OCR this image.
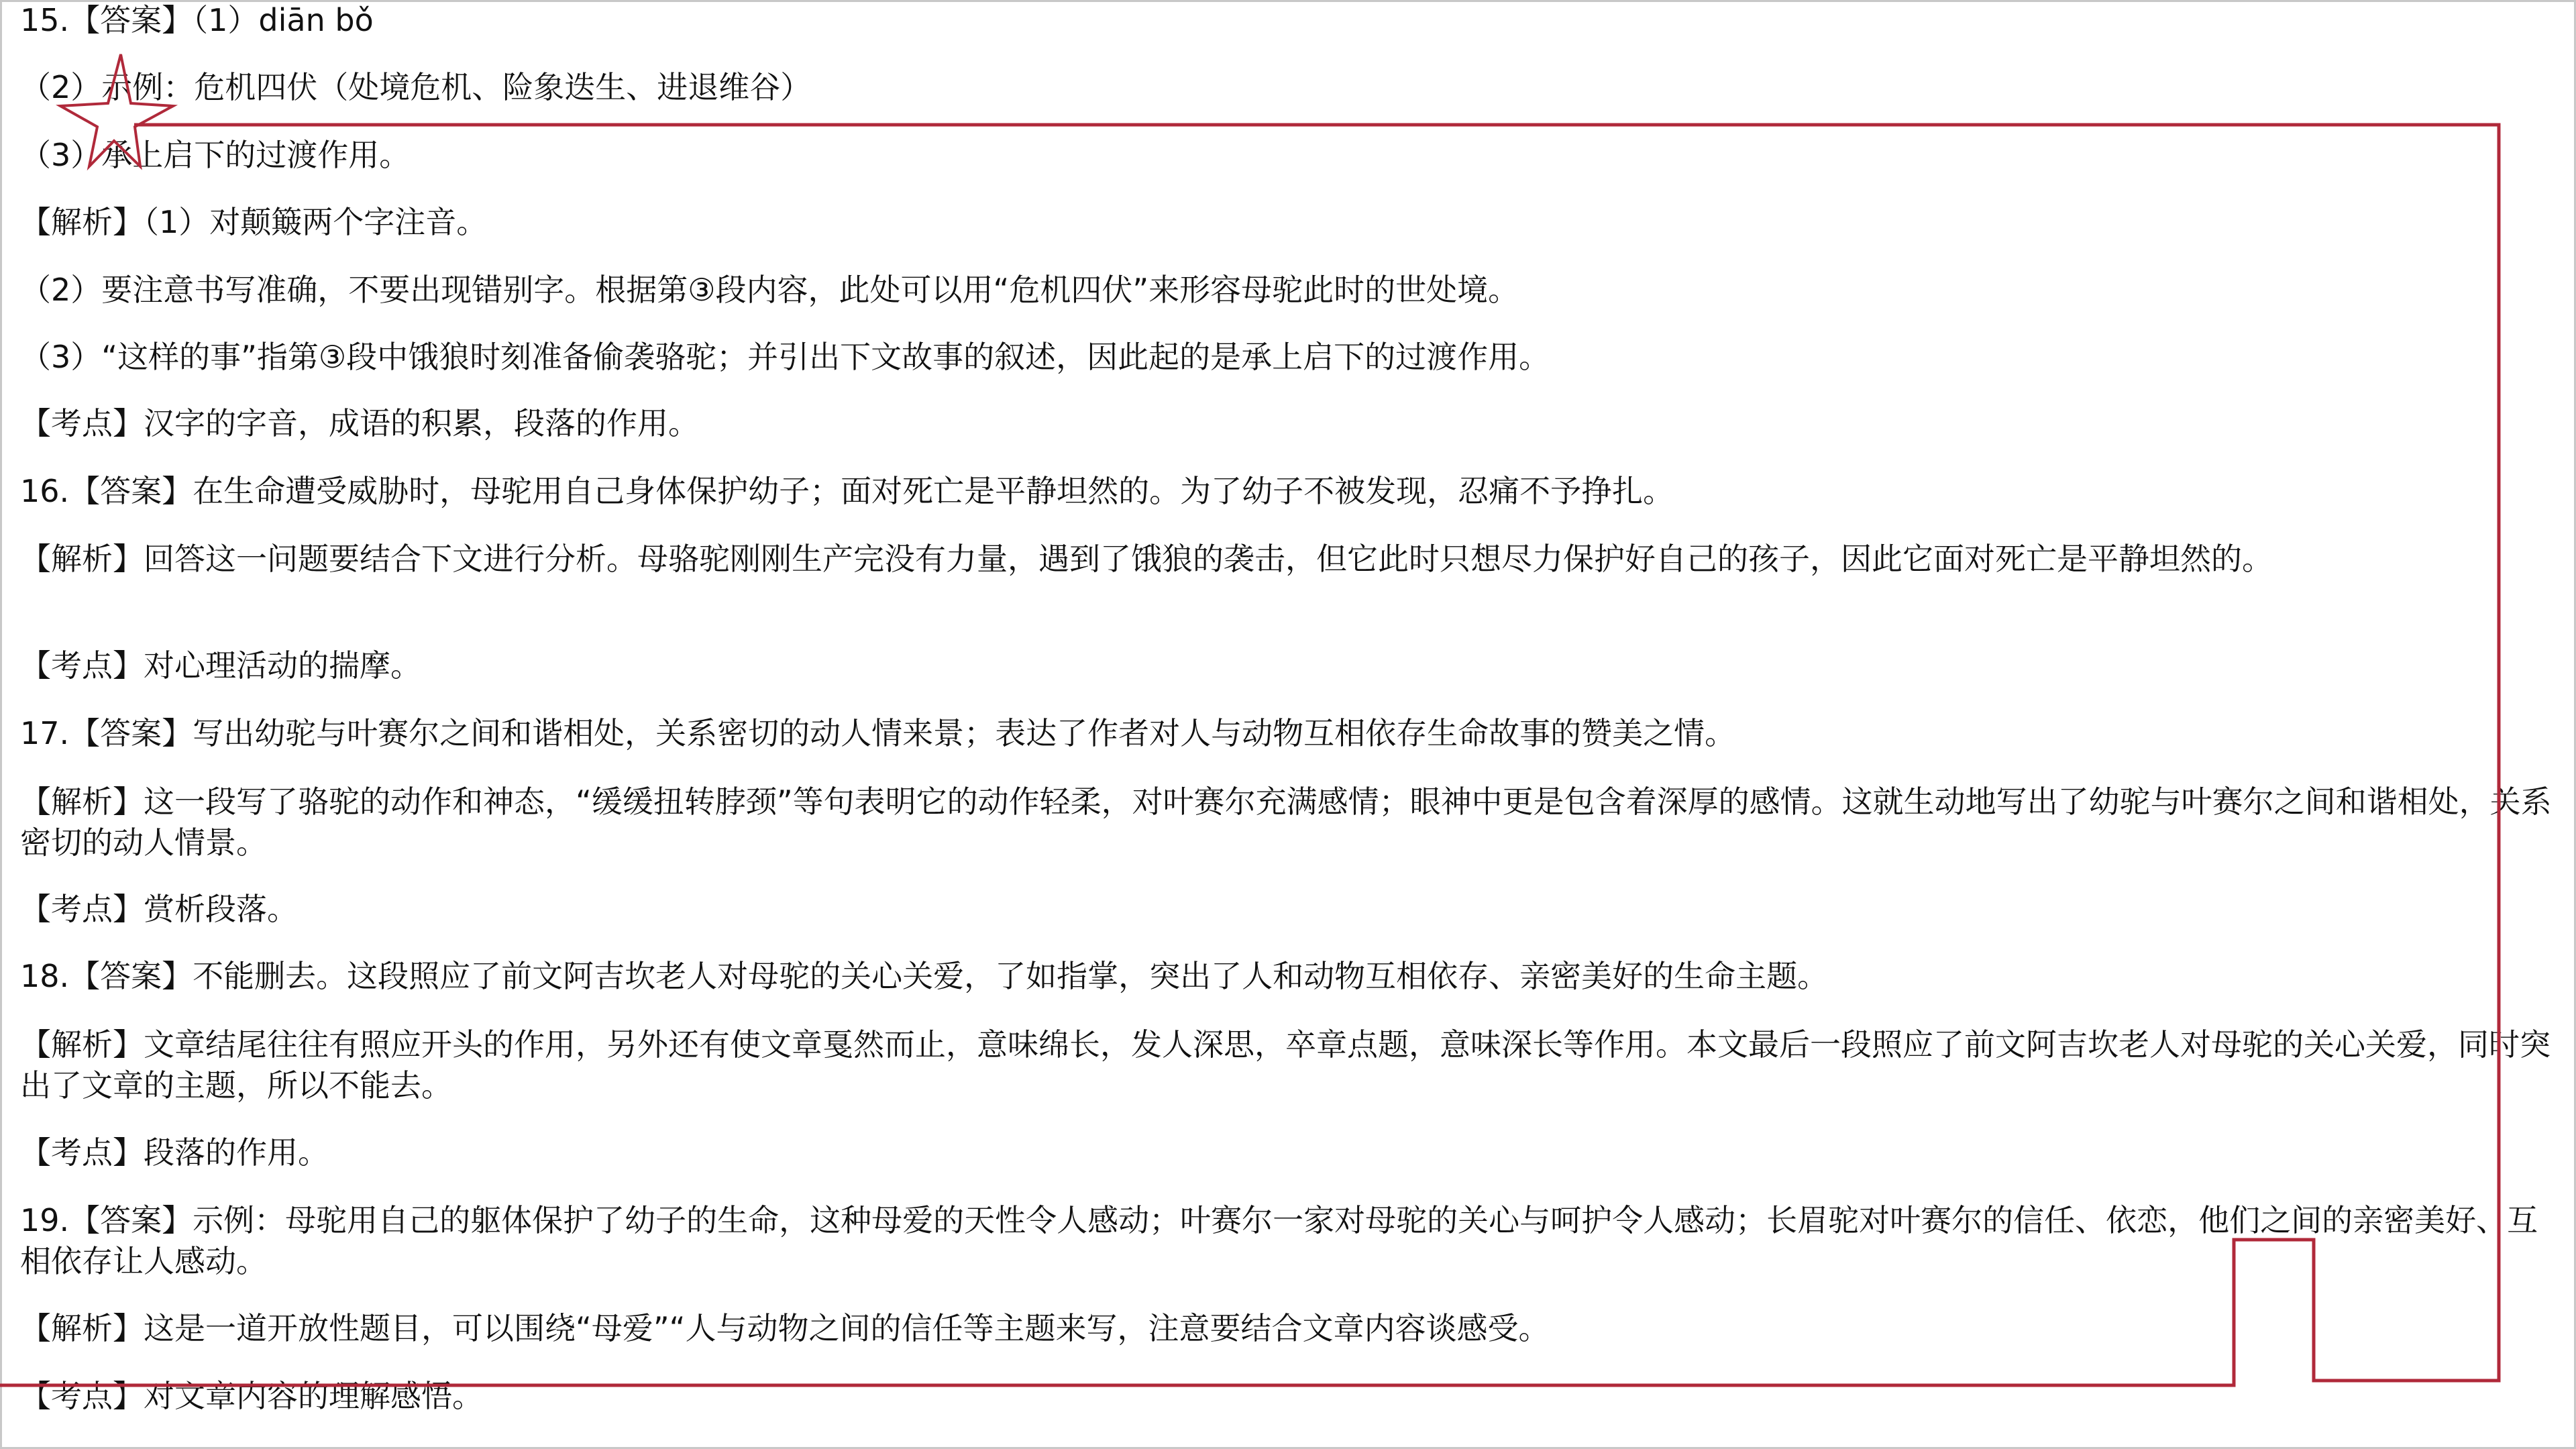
15.【答案】（1）diān bǒ
（2）示例：危机四伏（处境危机、险象迭生、进退维谷）
（3）承上启下的过渡作用。
【解析】（1）对颠簸两个字注音。
（2）要注意书写准确，不要出现错别字。根据第③段内容，此处可以用“危机四伏”来形容母驼此时的世处境。
（3）“这样的事”指第③段中饿狼时刻准备偷袭骆驼；并引出下文故事的叙述，因此起的是承上启下的过渡作用。
【考点】汉字的字音，成语的积累，段落的作用。
16.【答案】在生命遭受威胁时，母驼用自己身体保护幼子；面对死亡是平静坦然的。为了幼子不被发现，忍痛不予挣扎。
【解析】回答这一问题要结合下文进行分析。母骆驼刚刚生产完没有力量，遇到了饿狼的袭击，但它此时只想尽力保护好自己的孩子，因此它面对死亡是平静坦然的。
【考点】对心理活动的揣摩。
17.【答案】写出幼驼与叶赛尔之间和谐相处，关系密切的动人情来景；表达了作者对人与动物互相依存生命故事的赞美之情。
【解析】这一段写了骆驼的动作和神态，“缓缓扭转脖颈”等句表明它的动作轻柔，对叶赛尔充满感情；眼神中更是包含着深厚的感情。这就生动地写出了幼驼与叶赛尔之间和谐相处，关系密切的动人情景。
【考点】赏析段落。
18.【答案】不能删去。这段照应了前文阿吉坎老人对母驼的关心关爱，了如指掌，突出了人和动物互相依存、亲密美好的生命主题。
【解析】文章结尾往往有照应开头的作用，另外还有使文章戛然而止，意味绵长，发人深思，卒章点题，意味深长等作用。本文最后一段照应了前文阿吉坎老人对母驼的关心关爱，同时突出了文章的主题，所以不能去。
【考点】段落的作用。
19.【答案】示例：母驼用自己的躯体保护了幼子的生命，这种母爱的天性令人感动；叶赛尔一家对母驼的关心与呵护令人感动；长眉驼对叶赛尔的信任、依恋，他们之间的亲密美好、互相依存让人感动。
【解析】这是一道开放性题目，可以围绕“母爱”“人与动物之间的信任等主题来写，注意要结合文章内容谈感受。
【考点】对文章内容的理解感悟。
